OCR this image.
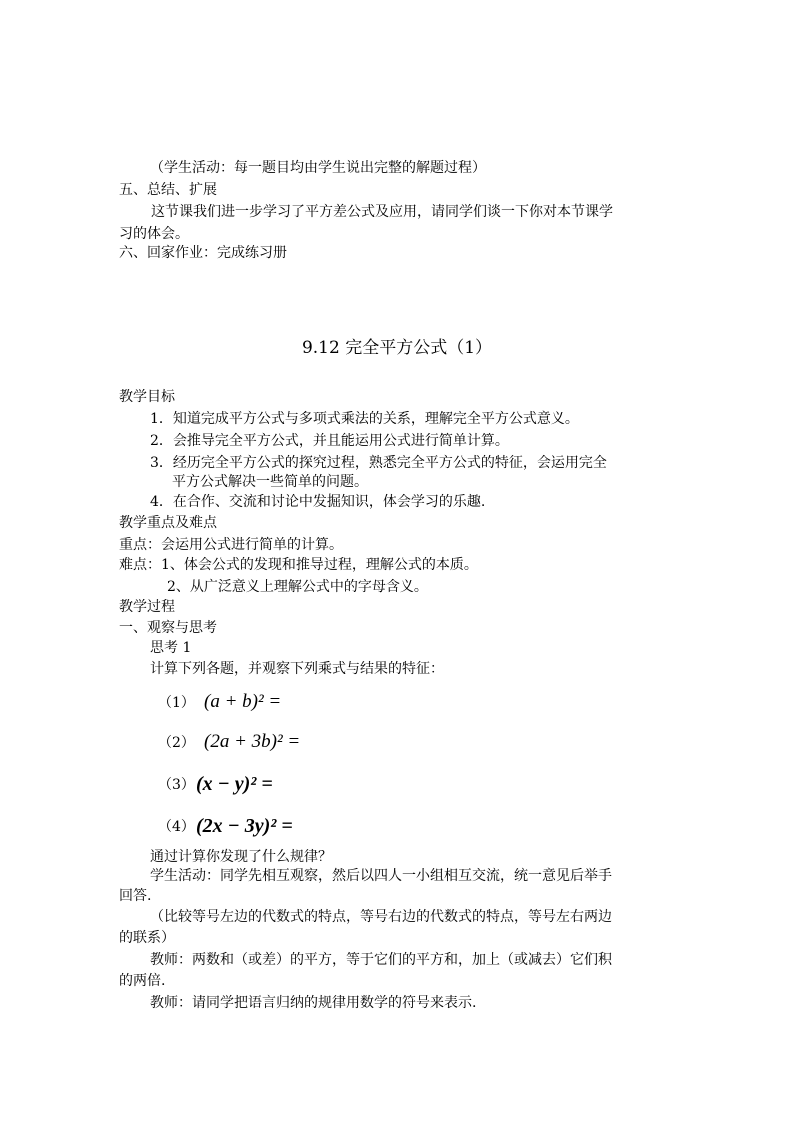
（学生活动：每一题目均由学生说出完整的解题过程）
五、总结、扩展
这节课我们进一步学习了平方差公式及应用，请同学们谈一下你对本节课学
习的体会。
六、回家作业：完成练习册
9.12 完全平方公式（1）
教学目标
1．知道完成平方公式与多项式乘法的关系，理解完全平方公式意义。
2．会推导完全平方公式，并且能运用公式进行简单计算。
3．经历完全平方公式的探究过程，熟悉完全平方公式的特征，会运用完全
平方公式解决一些简单的问题。
4．在合作、交流和讨论中发掘知识，体会学习的乐趣.
教学重点及难点
重点：会运用公式进行简单的计算。
难点：1、体会公式的发现和推导过程，理解公式的本质。
2、从广泛意义上理解公式中的字母含义。
教学过程
一、观察与思考
思考 1
计算下列各题，并观察下列乘式与结果的特征：
（1） (a + b)² =
（2） (2a + 3b)² =
（3） (x − y)² =
（4） (2x − 3y)² =
通过计算你发现了什么规律？
学生活动：同学先相互观察，然后以四人一小组相互交流，统一意见后举手
回答.
（比较等号左边的代数式的特点，等号右边的代数式的特点，等号左右两边
的联系）
教师：两数和（或差）的平方，等于它们的平方和，加上（或减去）它们积
的两倍.
教师：请同学把语言归纳的规律用数学的符号来表示.
